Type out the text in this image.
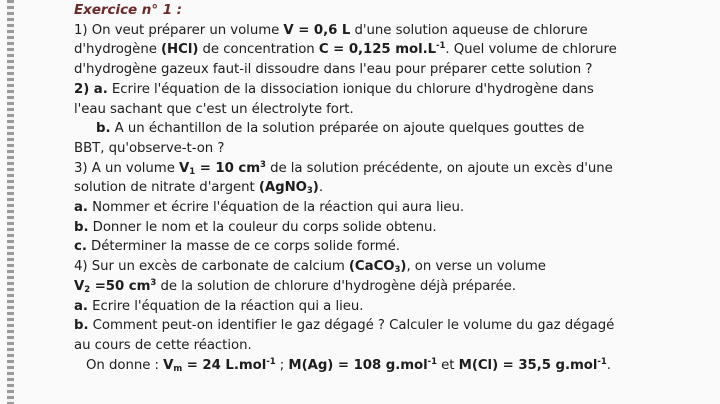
Exercice n° 1 :
1) On veut préparer un volume V = 0,6 L d'une solution aqueuse de chlorure
d'hydrogène (HCl) de concentration C = 0,125 $mol.L^{-1}$. Quel volume de chlorure
d'hydrogène gazeux faut-il dissoudre dans l'eau pour préparer cette solution ?
2) a. Ecrire l'équation de la dissociation ionique du chlorure d'hydrogène dans
l'eau sachant que c'est un électrolyte fort.
b. A un échantillon de la solution préparée on ajoute quelques gouttes de
BBT, qu'observe-t-on ?
3) A un volume $V_1 = 10$ $cm^3$ de la solution précédente, on ajoute un excès d'une
solution de nitrate d'argent (AgNO$_3$).
a. Nommer et écrire l'équation de la réaction qui aura lieu.
b. Donner le nom et la couleur du corps solide obtenu.
c. Déterminer la masse de ce corps solide formé.
4) Sur un excès de carbonate de calcium (CaCO$_3$), on verse un volume
$V_2 =50$ $cm^3$ de la solution de chlorure d'hydrogène déjà préparée.
a. Ecrire l'équation de la réaction qui a lieu.
b. Comment peut-on identifier le gaz dégagé ? Calculer le volume du gaz dégagé
au cours de cette réaction.
On donne : $V_m = 24$ L.mol$^{-1}$ ; M(Ag) = 108 g.mol$^{-1}$ et M(Cl) = 35,5 g.mol$^{-1}$.
